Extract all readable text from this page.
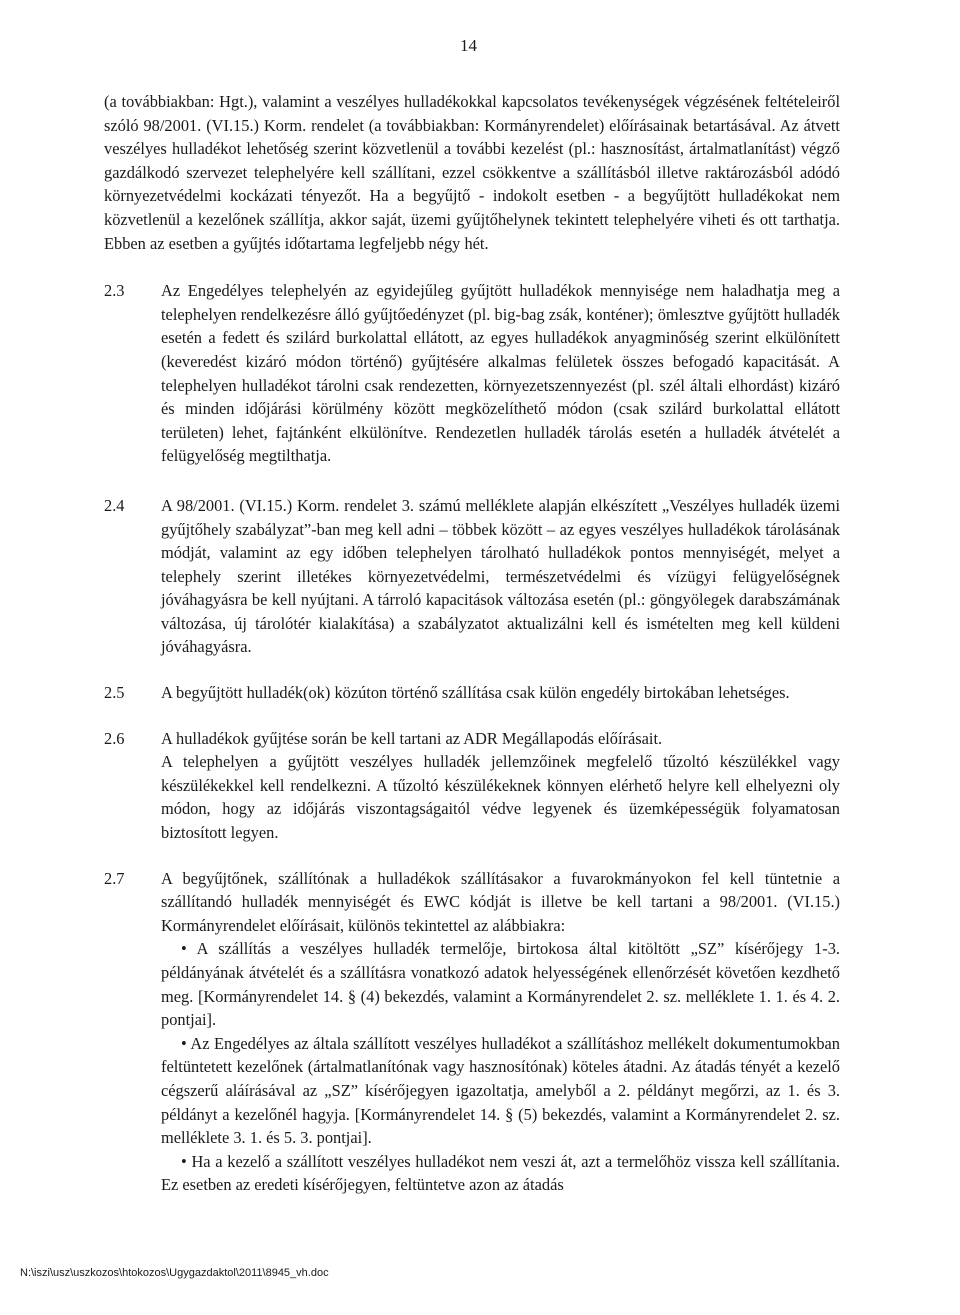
14

(a továbbiakban: Hgt.), valamint a veszélyes hulladékokkal kapcsolatos tevékenységek végzésének feltételeiről szóló 98/2001. (VI.15.) Korm. rendelet (a továbbiakban: Kormányrendelet) előírásainak betartásával. Az átvett veszélyes hulladékot lehetőség szerint közvetlenül a további kezelést (pl.: hasznosítást, ártalmatlanítást) végző gazdálkodó szervezet telephelyére kell szállítani, ezzel csökkentve a szállításból illetve raktározásból adódó környezetvédelmi kockázati tényezőt. Ha a begyűjtő - indokolt esetben - a begyűjtött hulladékokat nem közvetlenül a kezelőnek szállítja, akkor saját, üzemi gyűjtőhelynek tekintett telephelyére viheti és ott tarthatja. Ebben az esetben a gyűjtés időtartama legfeljebb négy hét.

2.3	Az Engedélyes telephelyén az egyidejűleg gyűjtött hulladékok mennyisége nem haladhatja meg a telephelyen rendelkezésre álló gyűjtőedényzet (pl. big-bag zsák, konténer); ömlesztve gyűjtött hulladék esetén a fedett és szilárd burkolattal ellátott, az egyes hulladékok anyagminőség szerint elkülönített (keveredést kizáró módon történő) gyűjtésére alkalmas felületek összes befogadó kapacitását. A telephelyen hulladékot tárolni csak rendezetten, környezetszennyezést (pl. szél általi elhordást) kizáró és minden időjárási körülmény között megközelíthető módon (csak szilárd burkolattal ellátott területen) lehet, fajtánként elkülönítve. Rendezetlen hulladék tárolás esetén a hulladék átvételét a felügyelőség megtilthatja.

2.4	A 98/2001. (VI.15.) Korm. rendelet 3. számú melléklete alapján elkészített „Veszélyes hulladék üzemi gyűjtőhely szabályzat”-ban meg kell adni – többek között – az egyes veszélyes hulladékok tárolásának módját, valamint az egy időben telephelyen tárolható hulladékok pontos mennyiségét, melyet a telephely szerint illetékes környezetvédelmi, természetvédelmi és vízügyi felügyelőségnek jóváhagyásra be kell nyújtani. A tárroló kapacitások változása esetén (pl.: göngyölegek darabszámának változása, új tárolótér kialakítása) a szabályzatot aktualizálni kell és ismételten meg kell küldeni jóváhagyásra.

2.5	A begyűjtött hulladék(ok) közúton történő szállítása csak külön engedély birtokában lehetséges.

2.6	A hulladékok gyűjtése során be kell tartani az ADR Megállapodás előírásait.

A telephelyen a gyűjtött veszélyes hulladék jellemzőinek megfelelő tűzoltó készülékkel vagy készülékekkel kell rendelkezni. A tűzoltó készülékeknek könnyen elérhető helyre kell elhelyezni oly módon, hogy az időjárás viszontagságaitól védve legyenek és üzemképességük folyamatosan biztosított legyen.

2.7	A begyűjtőnek, szállítónak a hulladékok szállításakor a fuvarokmányokon fel kell tüntetnie a szállítandó hulladék mennyiségét és EWC kódját is illetve be kell tartani a 98/2001. (VI.15.) Kormányrendelet előírásait, különös tekintettel az alábbiakra:

• A szállítás a veszélyes hulladék termelője, birtokosa által kitöltött „SZ” kísérőjegy 1-3. példányának átvételét és a szállításra vonatkozó adatok helyességének ellenőrzését követően kezdhető meg. [Kormányrendelet 14. § (4) bekezdés, valamint a Kormányrendelet 2. sz. melléklete 1. 1. és 4. 2. pontjai].

• Az Engedélyes az általa szállított veszélyes hulladékot a szállításhoz mellékelt dokumentumokban feltüntetett kezelőnek (ártalmatlanítónak vagy hasznosítónak) köteles átadni. Az átadás tényét a kezelő cégszerű aláírásával az „SZ” kísérőjegyen igazoltatja, amelyből a 2. példányt megőrzi, az 1. és 3. példányt a kezelőnél hagyja. [Kormányrendelet 14. § (5) bekezdés, valamint a Kormányrendelet 2. sz. melléklete 3. 1. és 5. 3. pontjai].

• Ha a kezelő a szállított veszélyes hulladékot nem veszi át, azt a termelőhöz vissza kell szállítania. Ez esetben az eredeti kísérőjegyen, feltüntetve azon az átadás

N:\iszi\usz\uszkozos\htokozos\Ugygazdaktol\2011\8945_vh.doc
